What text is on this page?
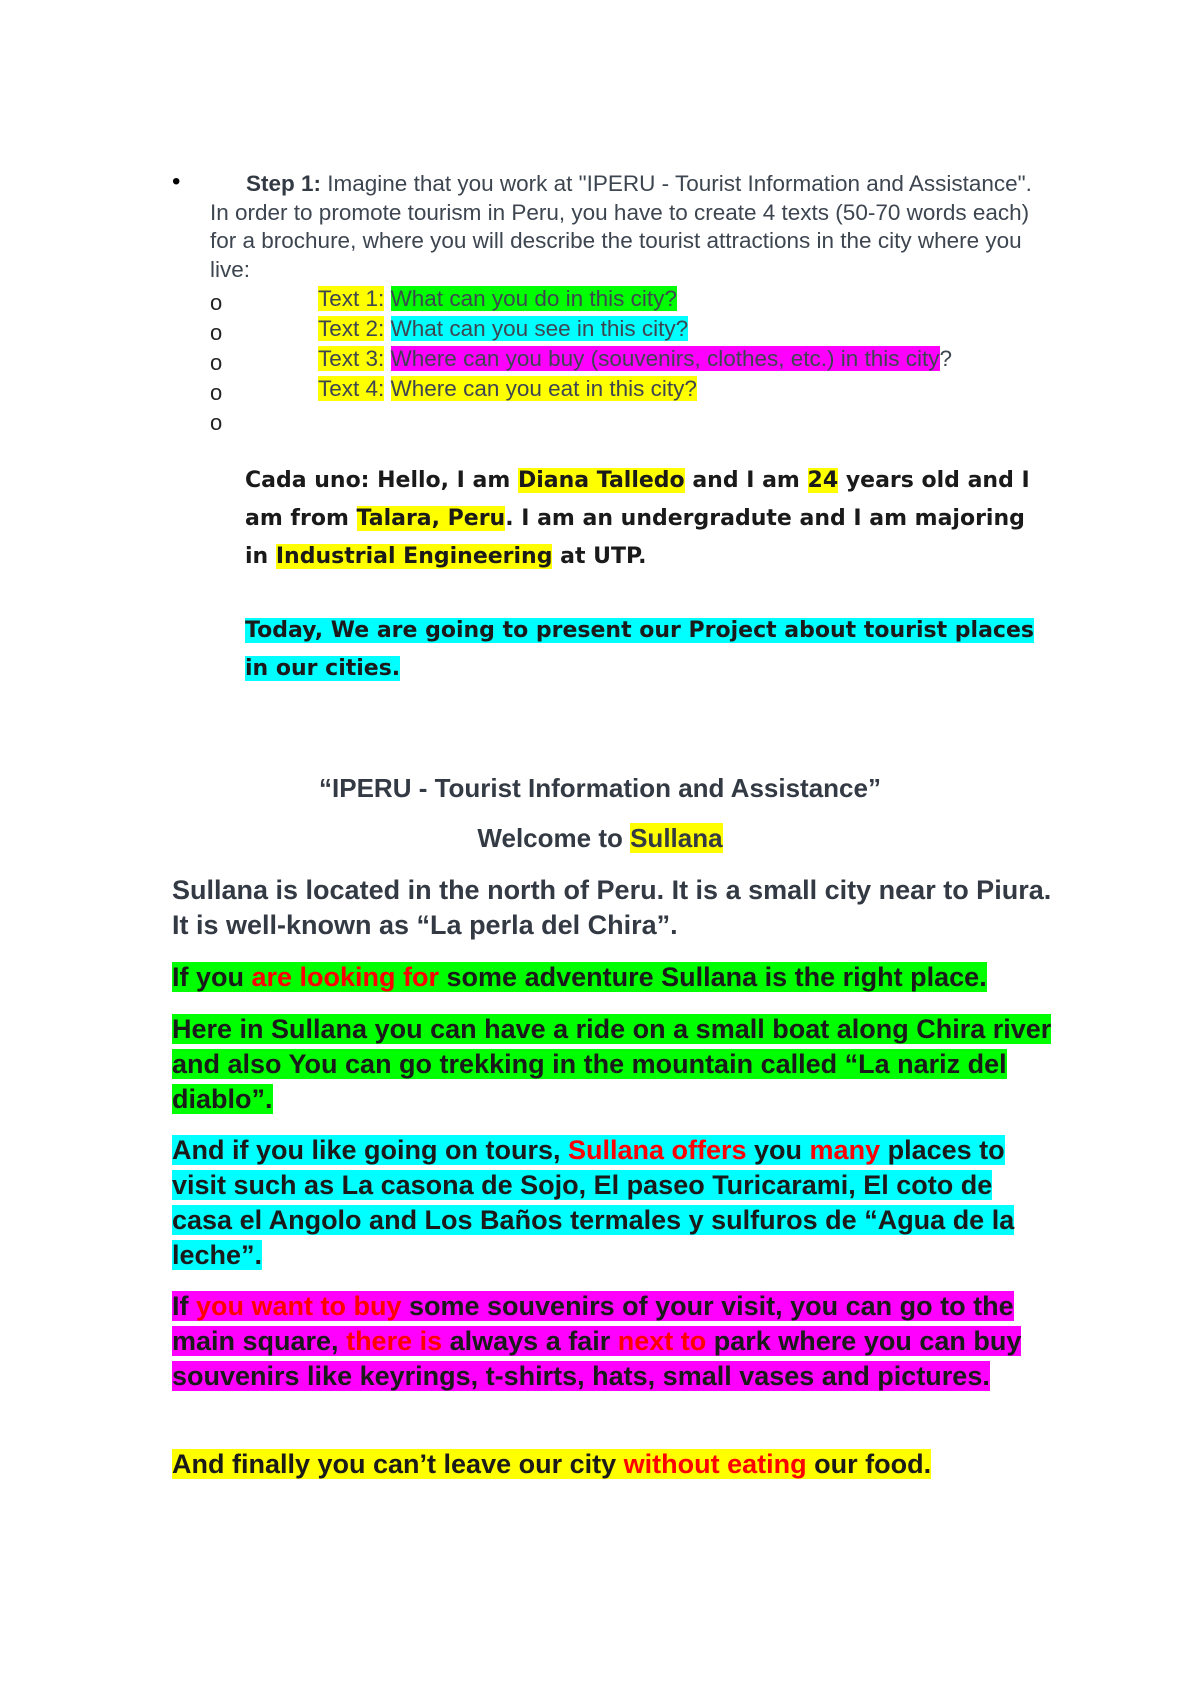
•	Step 1: Imagine that you work at "IPERU - Tourist Information and Assistance". In order to promote tourism in Peru, you have to create 4 texts (50-70 words each) for a brochure, where you will describe the tourist attractions in the city where you live:
o	Text 1: What can you do in this city?
o	Text 2: What can you see in this city?
o	Text 3: Where can you buy (souvenirs, clothes, etc.) in this city?
o	Text 4: Where can you eat in this city?
o
Cada uno: Hello, I am Diana Talledo and I am 24 years old and I am from Talara, Peru. I am an undergradute and I am majoring in Industrial Engineering at UTP.
Today, We are going to present our Project about tourist places in our cities.
“IPERU - Tourist Information and Assistance”
Welcome to Sullana
Sullana is located in the north of Peru. It is a small city near to Piura. It is well-known as “La perla del Chira”.
If you are looking for some adventure Sullana is the right place.
Here in Sullana you can have a ride on a small boat along Chira river and also You can go trekking in the mountain called “La nariz del diablo”.
And if you like going on tours, Sullana offers you many places to visit such as La casona de Sojo, El paseo Turicarami, El coto de casa el Angolo and Los Baños termales y sulfuros de “Agua de la leche”.
If you want to buy some souvenirs of your visit, you can go to the main square, there is always a fair next to park where you can buy souvenirs like keyrings, t-shirts, hats, small vases and pictures.
And finally you can’t leave our city without eating our food.
